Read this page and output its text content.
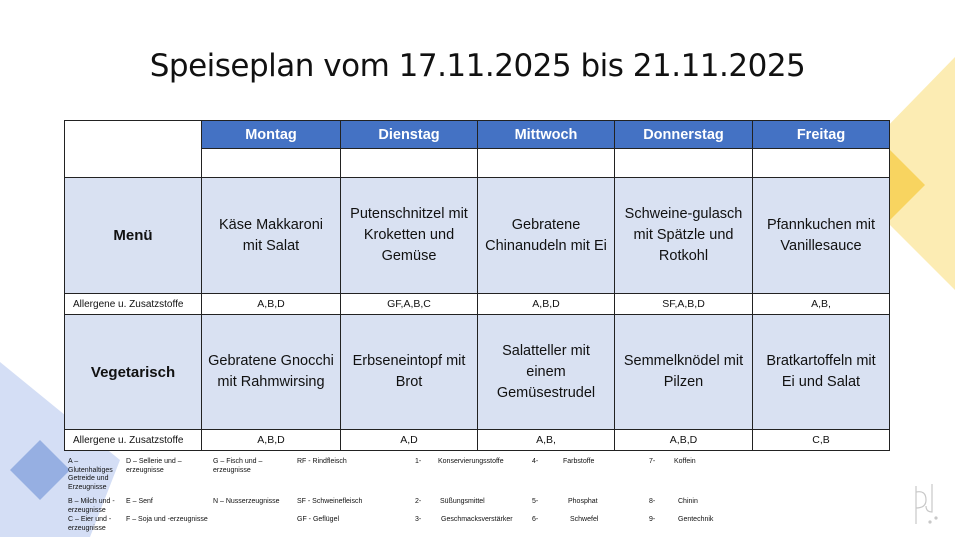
Speiseplan vom 17.11.2025 bis 21.11.2025
	Montag	Dienstag	Mittwoch	Donnerstag	Freitag

Menü	Käse Makkaroni mit Salat	Putenschnitzel mit Kroketten und Gemüse	Gebratene Chinanudeln mit Ei	Schweine-gulasch mit Spätzle und Rotkohl	Pfannkuchen mit Vanillesauce
Allergene u. Zusatzstoffe	A,B,D	GF,A,B,C	A,B,D	SF,A,B,D	A,B,
Vegetarisch	Gebratene Gnocchi mit Rahmwirsing	Erbseneintopf mit Brot	Salatteller mit einem Gemüsestrudel	Semmelknödel mit Pilzen	Bratkartoffeln mit Ei und Salat
Allergene u. Zusatzstoffe	A,B,D	A,D	A,B,	A,B,D	C,B
A – Glutenhaltiges Getreide und Erzeugnisse
B – Milch und -erzeugnisse
C – Eier und -erzeugnisse
D – Sellerie und –erzeugnisse
E – Senf
F – Soja und -erzeugnisse
G – Fisch und –erzeugnisse
N – Nusserzeugnisse
RF - Rindfleisch
SF - Schweinefleisch
GF - Geflügel
1- Konservierungsstoffe
2-	Süßungsmittel
3-	Geschmacksverstärker
4-	Farbstoffe
5-	Phosphat
6-	Schwefel
7-	Koffein
8-	Chinin
9-	Gentechnik
